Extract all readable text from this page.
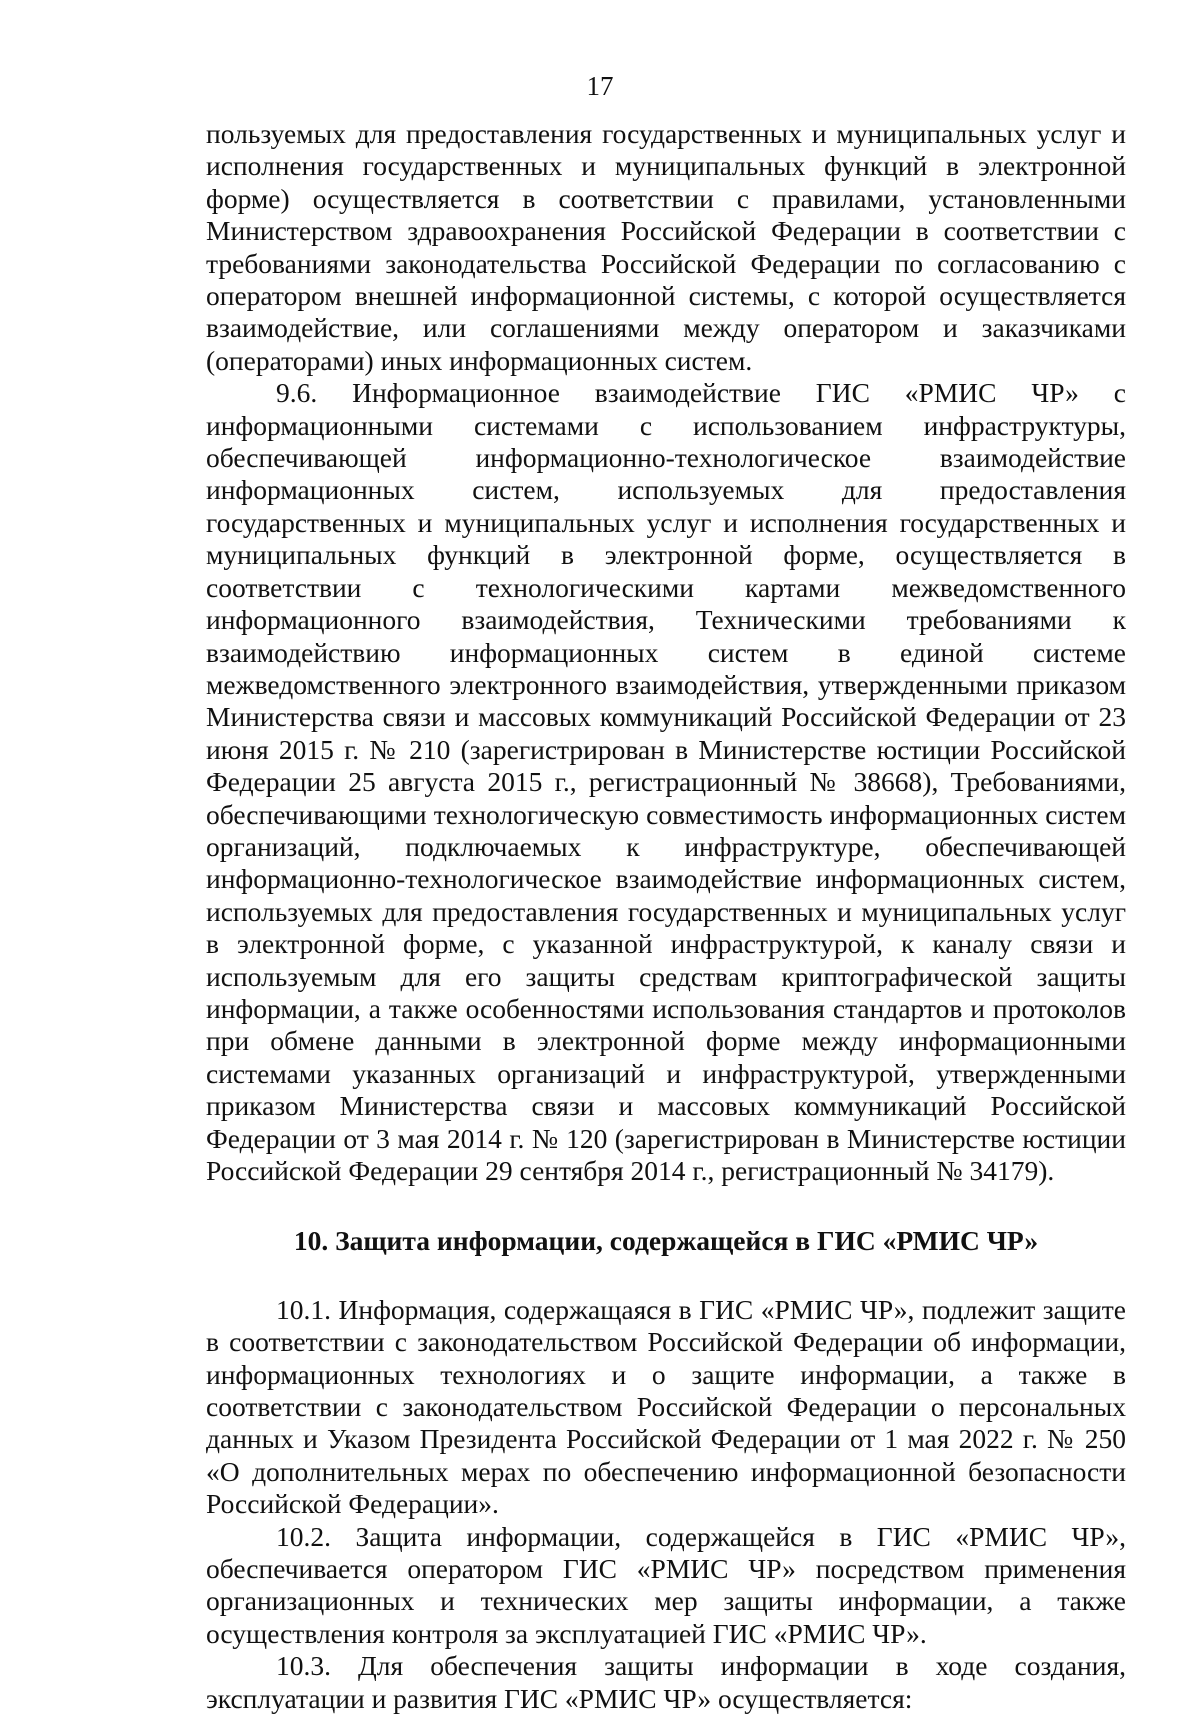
17

пользуемых для предоставления государственных и муниципальных услуг и исполнения государственных и муниципальных функций в электронной форме) осуществляется в соответствии с правилами, установленными Министерством здравоохранения Российской Федерации в соответствии с требованиями законодательства Российской Федерации по согласованию с оператором внешней информационной системы, с которой осуществляется взаимодействие, или соглашениями между оператором и заказчиками (операторами) иных информационных систем.

9.6. Информационное взаимодействие ГИС «РМИС ЧР» с информационными системами с использованием инфраструктуры, обеспечивающей информационно-технологическое взаимодействие информационных систем, используемых для предоставления государственных и муниципальных услуг и исполнения государственных и муниципальных функций в электронной форме, осуществляется в соответствии с технологическими картами межведомственного информационного взаимодействия, Техническими требованиями к взаимодействию информационных систем в единой системе межведомственного электронного взаимодействия, утвержденными приказом Министерства связи и массовых коммуникаций Российской Федерации от 23 июня 2015 г. № 210 (зарегистрирован в Министерстве юстиции Российской Федерации 25 августа 2015 г., регистрационный № 38668), Требованиями, обеспечивающими технологическую совместимость информационных систем организаций, подключаемых к инфраструктуре, обеспечивающей информационно-технологическое взаимодействие информационных систем, используемых для предоставления государственных и муниципальных услуг в электронной форме, с указанной инфраструктурой, к каналу связи и используемым для его защиты средствам криптографической защиты информации, а также особенностями использования стандартов и протоколов при обмене данными в электронной форме между информационными системами указанных организаций и инфраструктурой, утвержденными приказом Министерства связи и массовых коммуникаций Российской Федерации от 3 мая 2014 г. № 120 (зарегистрирован в Министерстве юстиции Российской Федерации 29 сентября 2014 г., регистрационный № 34179).

10. Защита информации, содержащейся в ГИС «РМИС ЧР»

10.1. Информация, содержащаяся в ГИС «РМИС ЧР», подлежит защите в соответствии с законодательством Российской Федерации об информации, информационных технологиях и о защите информации, а также в соответствии с законодательством Российской Федерации о персональных данных и Указом Президента Российской Федерации от 1 мая 2022 г. № 250 «О дополнительных мерах по обеспечению информационной безопасности Российской Федерации».

10.2. Защита информации, содержащейся в ГИС «РМИС ЧР», обеспечивается оператором ГИС «РМИС ЧР» посредством применения организационных и технических мер защиты информации, а также осуществления контроля за эксплуатацией ГИС «РМИС ЧР».

10.3. Для обеспечения защиты информации в ходе создания, эксплуатации и развития ГИС «РМИС ЧР» осуществляется:
